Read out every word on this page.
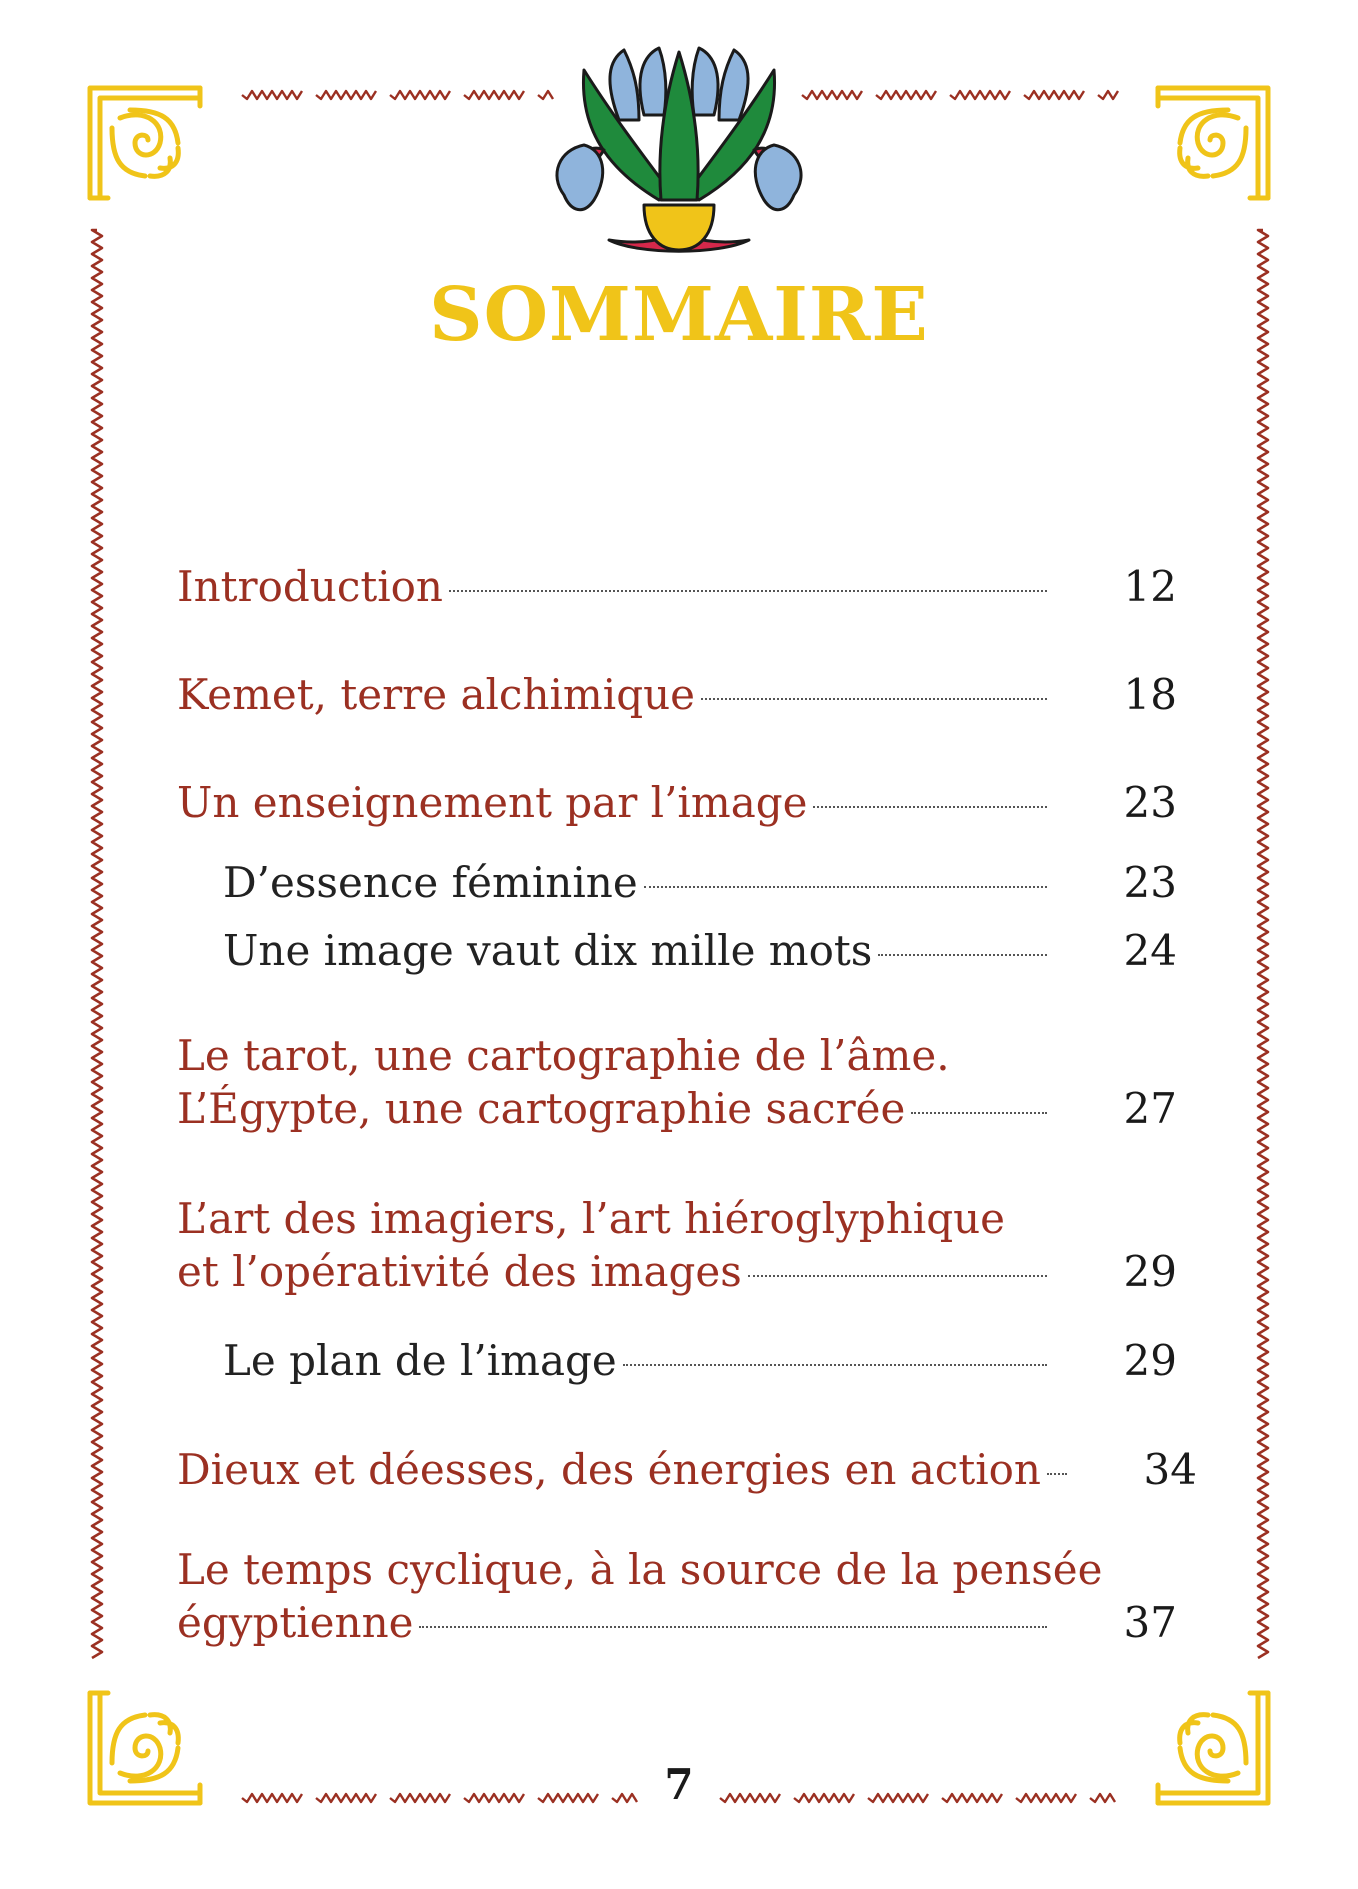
SOMMAIRE
Introduction	12
Kemet, terre alchimique	18
Un enseignement par l’image	23
D’essence féminine	23
Une image vaut dix mille mots	24
Le tarot, une cartographie de l’âme.
L’Égypte, une cartographie sacrée	27
L’art des imagiers, l’art hiéroglyphique
et l’opérativité des images	29
Le plan de l’image	29
Dieux et déesses, des énergies en action	34
Le temps cyclique, à la source de la pensée
égyptienne	37
7
